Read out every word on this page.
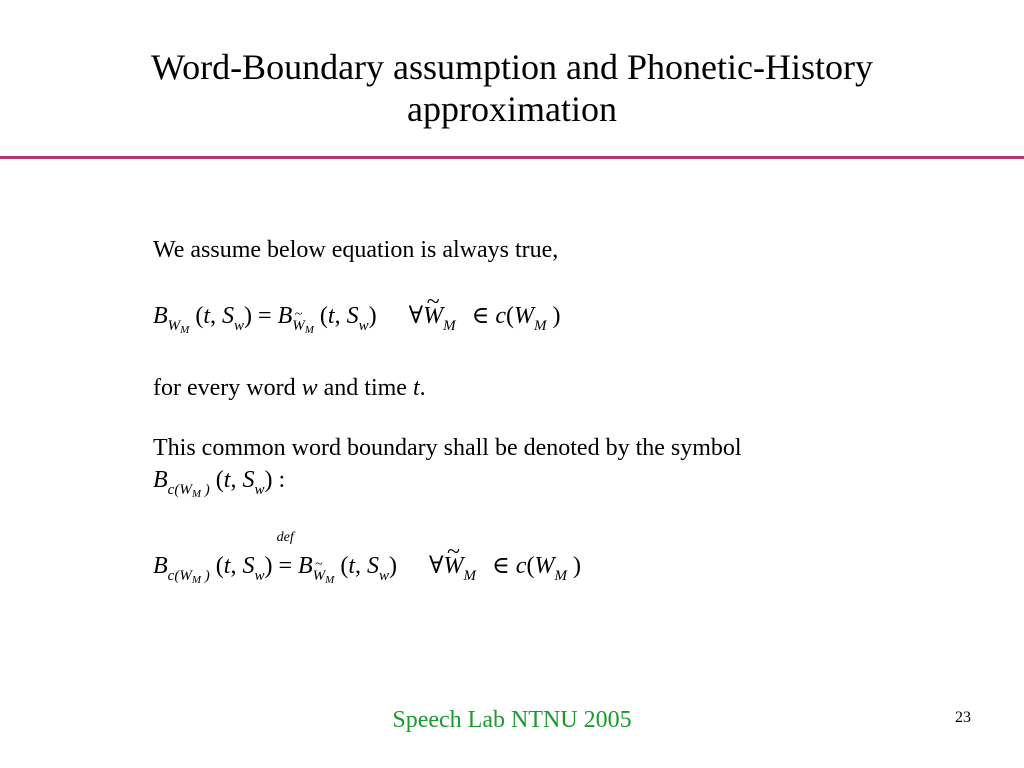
Word-Boundary assumption and Phonetic-History
approximation
We assume below equation is always true,
$B_{W_M}$ (t, $S_w$) = B~ $_{W_M}$ (t, $S_w$) ∀~ $W_M$ ∈ $c(W_M$ )
for every word w and time t.
This common word boundary shall be denoted by the symbol
$B_{c(W_M )}$ (t, $S_w$) :
$B_{c(W_M )}$ (t, $S_w$)
def
= B~ $_{W_M}$ (t, $S_w$) ∀~ $W_M$ ∈ $c(W_M$ )
Speech Lab NTNU 2005	23
